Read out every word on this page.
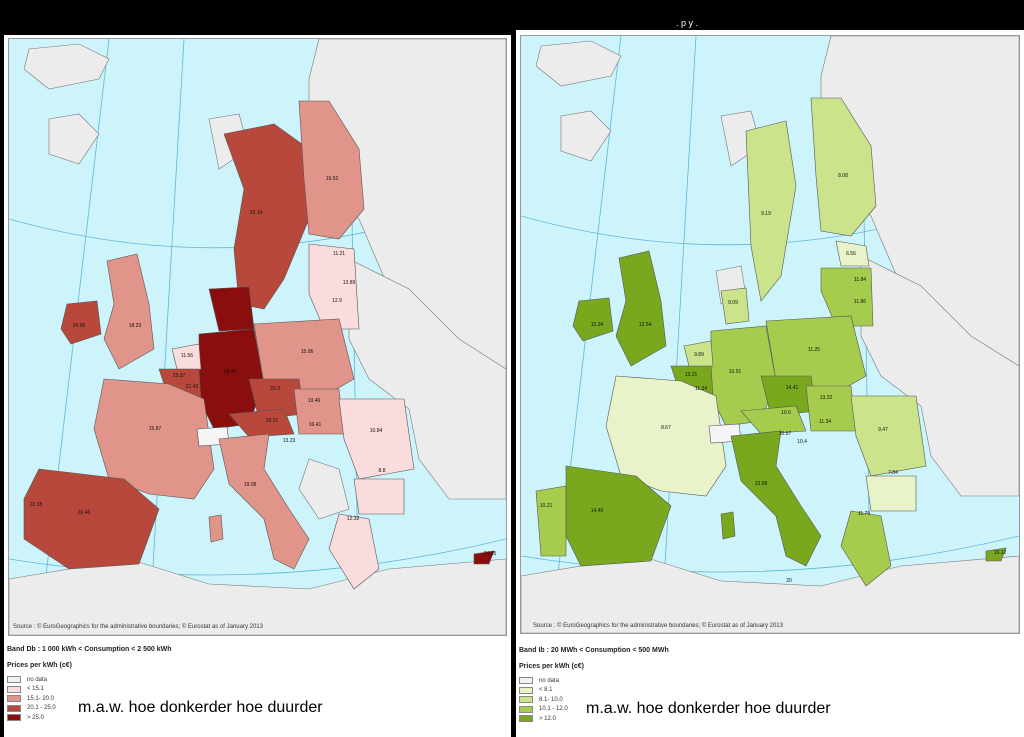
. p y .
24.90	18.23
11.56
23.37
21.42
28.44
23.3
20.21
19.46
16.41
13.23
15.87
19.08
22.38
26.46
22.14
19.52
11.21
13.89
12.9
15.06
10.84
8.8
12.32
24.25
Source : © EuroGeographics for the administrative boundaries; © Eurostat as of January 2013
Band Db : 1 000 kWh < Consumption < 2 500 kWh
Prices per kWh (c€)
no data
< 15.1
15.1- 20.0
20.1 - 25.0
> 25.0
m.a.w. hoe donkerder hoe duurder
15.34	12.54
9.89
13.21
11.34
10.91
11.25
14.41
13.22
10.6
10.57
11.34
10.4
8.67
13.68
14.46
10.21
9.19
8.08
6.56
11.84
11.86
9.09
9.47
7.84
11.79
20
16.12
Source : © EuroGeographics for the administrative boundaries; © Eurostat as of January 2013
Band Ib : 20 MWh < Consumption < 500 MWh
Prices per kWh (c€)
no data
< 8.1
8.1- 10.0
10.1 - 12.0
> 12.0
m.a.w. hoe donkerder hoe duurder
